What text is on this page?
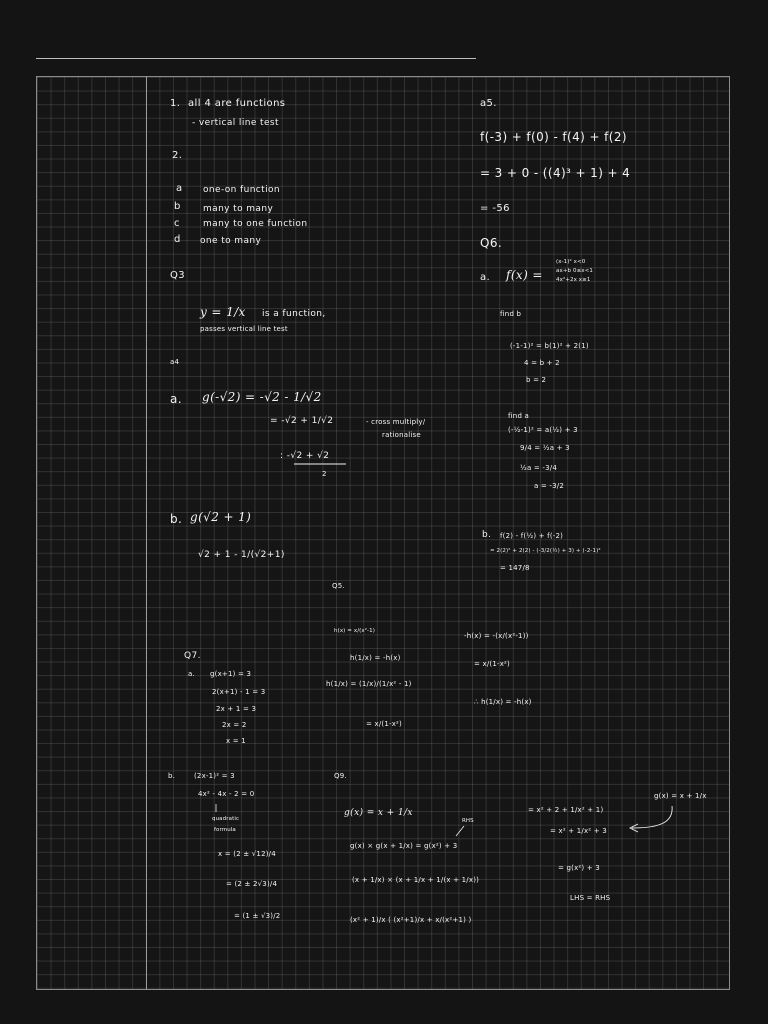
1. all 4 are functions
- vertical line test
2.
a one-on function
b many to many
c	many to one function
d one to many
Q3
y = 1/x is a function,
passes vertical line test
a4
a. g(-√2) = -√2 - 1/√2
= -√2 + 1/√2	- cross multiply/
rationalise
: -√2 + √2
2
b. g(√2 + 1)
√2 + 1 - 1/(√2+1)
a5.
f(-3) + f(0) - f(4) + f(2)
= 3 + 0 - ((4)³ + 1) + 4
= -56
Q6.
a. f(x) =
(x-1)² x<0
ax+b 0≤x<1
4x²+2x x≥1
find b
(-1-1)² = b(1)² + 2(1)
4 = b + 2
b = 2
find a
(-½-1)² = a(½) + 3
9/4 = ½a + 3
½a = -3/4
a = -3/2
b. f(2) - f(½) + f(-2)
= 2(2)² + 2(2) - (-3/2(½) + 3) + (-2-1)²
= 147/8
Q5.
h(x) = x/(x²-1)
h(1/x) = -h(x)
h(1/x) = (1/x)/(1/x² - 1)
= x/(1-x²)
-h(x) = -(x/(x²-1))
= x/(1-x²)
∴ h(1/x) = -h(x)
Q7.
a. g(x+1) = 3
2(x+1) - 1 = 3
2x + 1 = 3
2x = 2
x = 1
b.	(2x-1)² = 3
4x² - 4x - 2 = 0
quadratic
formula
x = (2 ± √12)/4
= (2 ± 2√3)/4
= (1 ± √3)/2
Q9.
g(x) = x + 1/x
RHS
g(x) × g(x + 1/x) = g(x²) + 3
(x + 1/x) × (x + 1/x + 1/(x + 1/x))
(x² + 1)/x ( (x²+1)/x + x/(x²+1) )
= x² + 2 + 1/x² + 1)
= x² + 1/x² + 3
g(x) = x + 1/x
= g(x²) + 3
LHS = RHS
